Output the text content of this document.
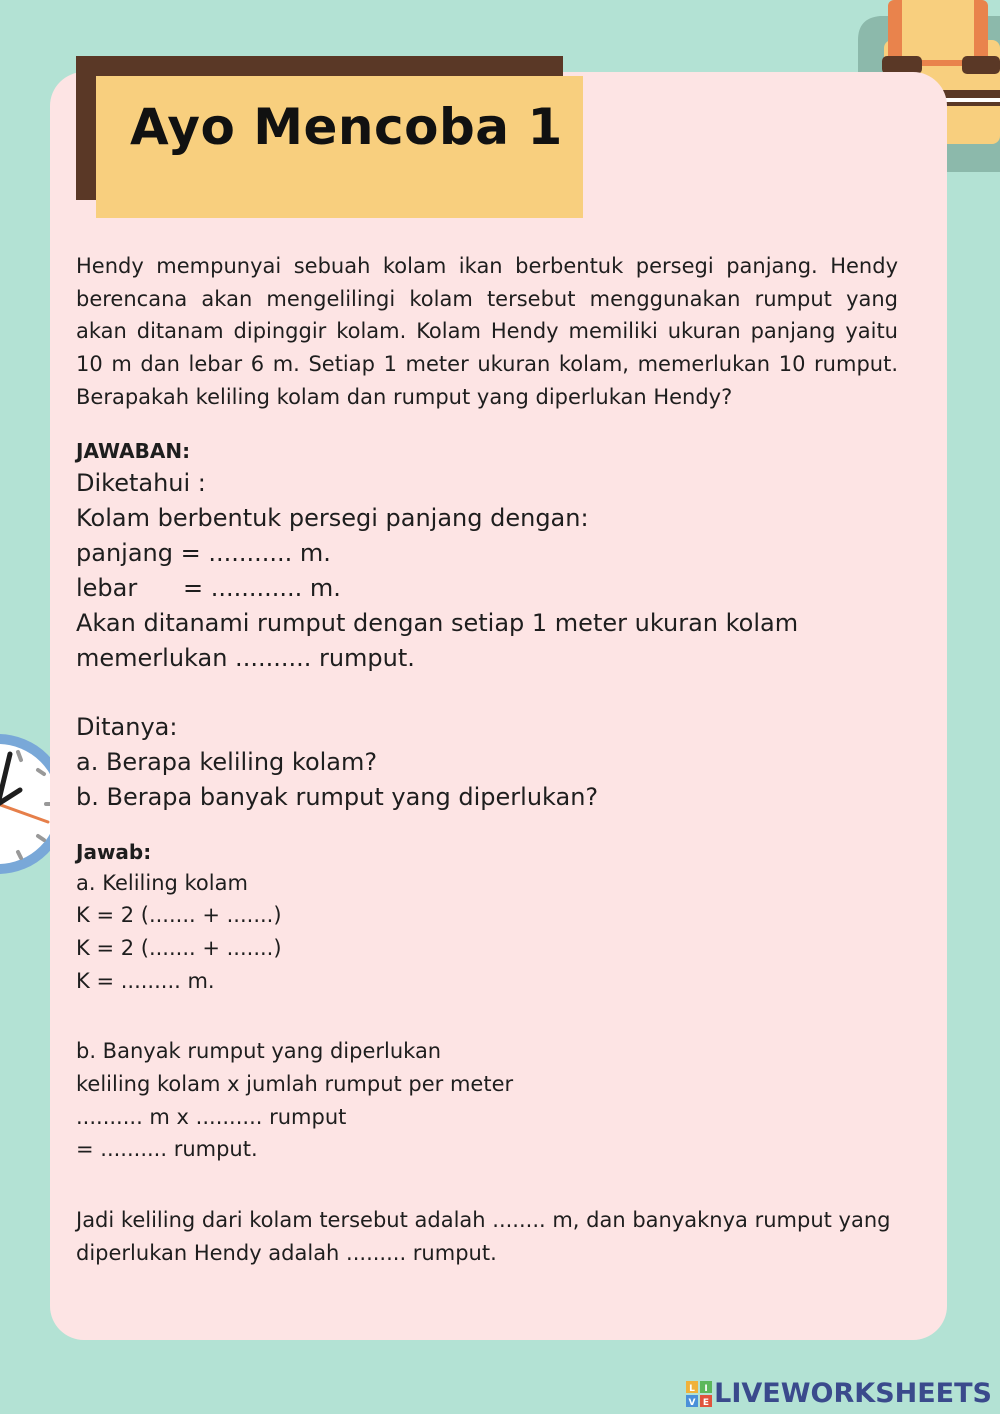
Ayo Mencoba 1

Hendy mempunyai sebuah kolam ikan berbentuk persegi panjang. Hendy berencana akan mengelilingi kolam tersebut menggunakan rumput yang akan ditanam dipinggir kolam. Kolam Hendy memiliki ukuran panjang yaitu 10 m dan lebar 6 m. Setiap 1 meter ukuran kolam, memerlukan 10 rumput. Berapakah keliling kolam dan rumput yang diperlukan Hendy?

JAWABAN:

Diketahui :

Kolam berbentuk persegi panjang dengan:

panjang = ........... m.

lebar      = ............ m.

Akan ditanami rumput dengan setiap 1 meter ukuran kolam

memerlukan .......... rumput.

Ditanya:

a. Berapa keliling kolam?

b. Berapa banyak rumput yang diperlukan?

Jawab:

a. Keliling kolam

K = 2 (....... + .......)

K = 2 (....... + .......)

K = ......... m.

b. Banyak rumput yang diperlukan

keliling kolam x jumlah rumput per meter

.......... m x .......... rumput

= .......... rumput.

Jadi keliling dari kolam tersebut adalah ........ m, dan banyaknya rumput yang diperlukan Hendy adalah ......... rumput.

L I
V E LIVEWORKSHEETS
